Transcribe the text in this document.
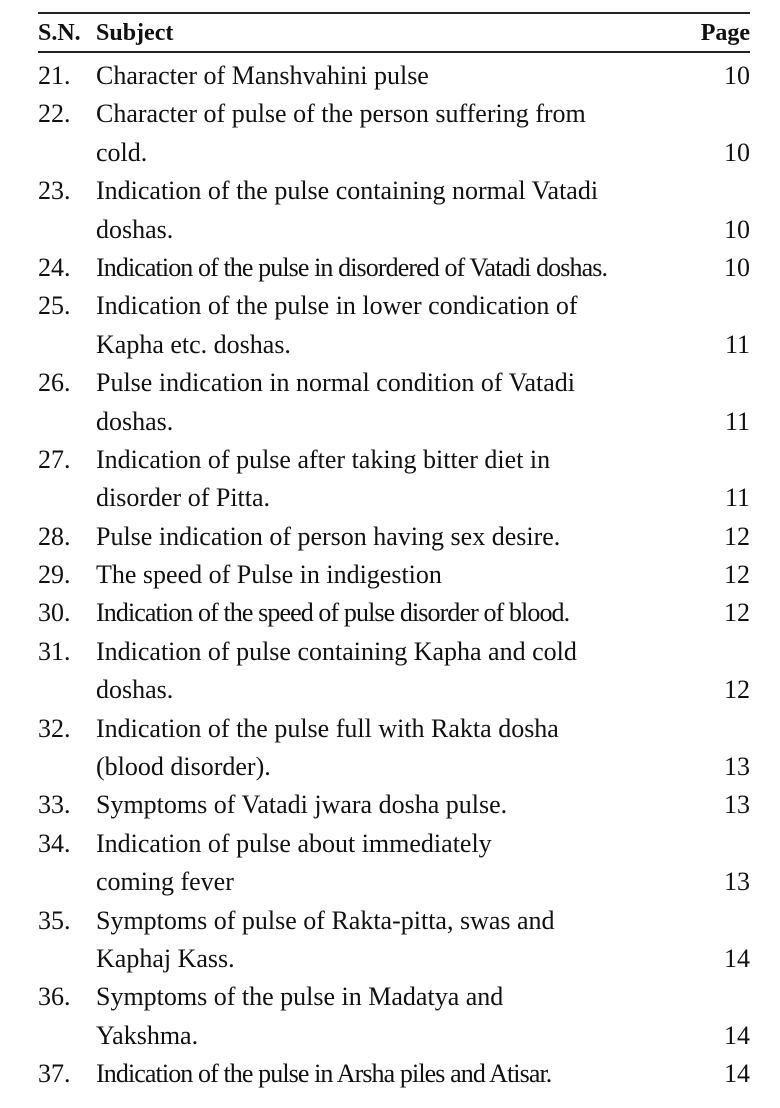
S.N. Subject	Page
21. Character of Manshvahini pulse	10
22. Character of pulse of the person suffering from
cold.	10
23. Indication of the pulse containing normal Vatadi
doshas.	10
24. Indication of the pulse in disordered of Vatadi doshas.	10
25. Indication of the pulse in lower condication of
Kapha etc. doshas.	11
26. Pulse indication in normal condition of Vatadi
doshas.	11
27. Indication of pulse after taking bitter diet in
disorder of Pitta.	11
28. Pulse indication of person having sex desire.	12
29. The speed of Pulse in indigestion	12
30. Indication of the speed of pulse disorder of blood.	12
31. Indication of pulse containing Kapha and cold
doshas.	12
32. Indication of the pulse full with Rakta dosha
(blood disorder).	13
33. Symptoms of Vatadi jwara dosha pulse.	13
34. Indication of pulse about immediately
coming fever	13
35. Symptoms of pulse of Rakta-pitta, swas and
Kaphaj Kass.	14
36. Symptoms of the pulse in Madatya and
Yakshma.	14
37. Indication of the pulse in Arsha piles and Atisar.	14
